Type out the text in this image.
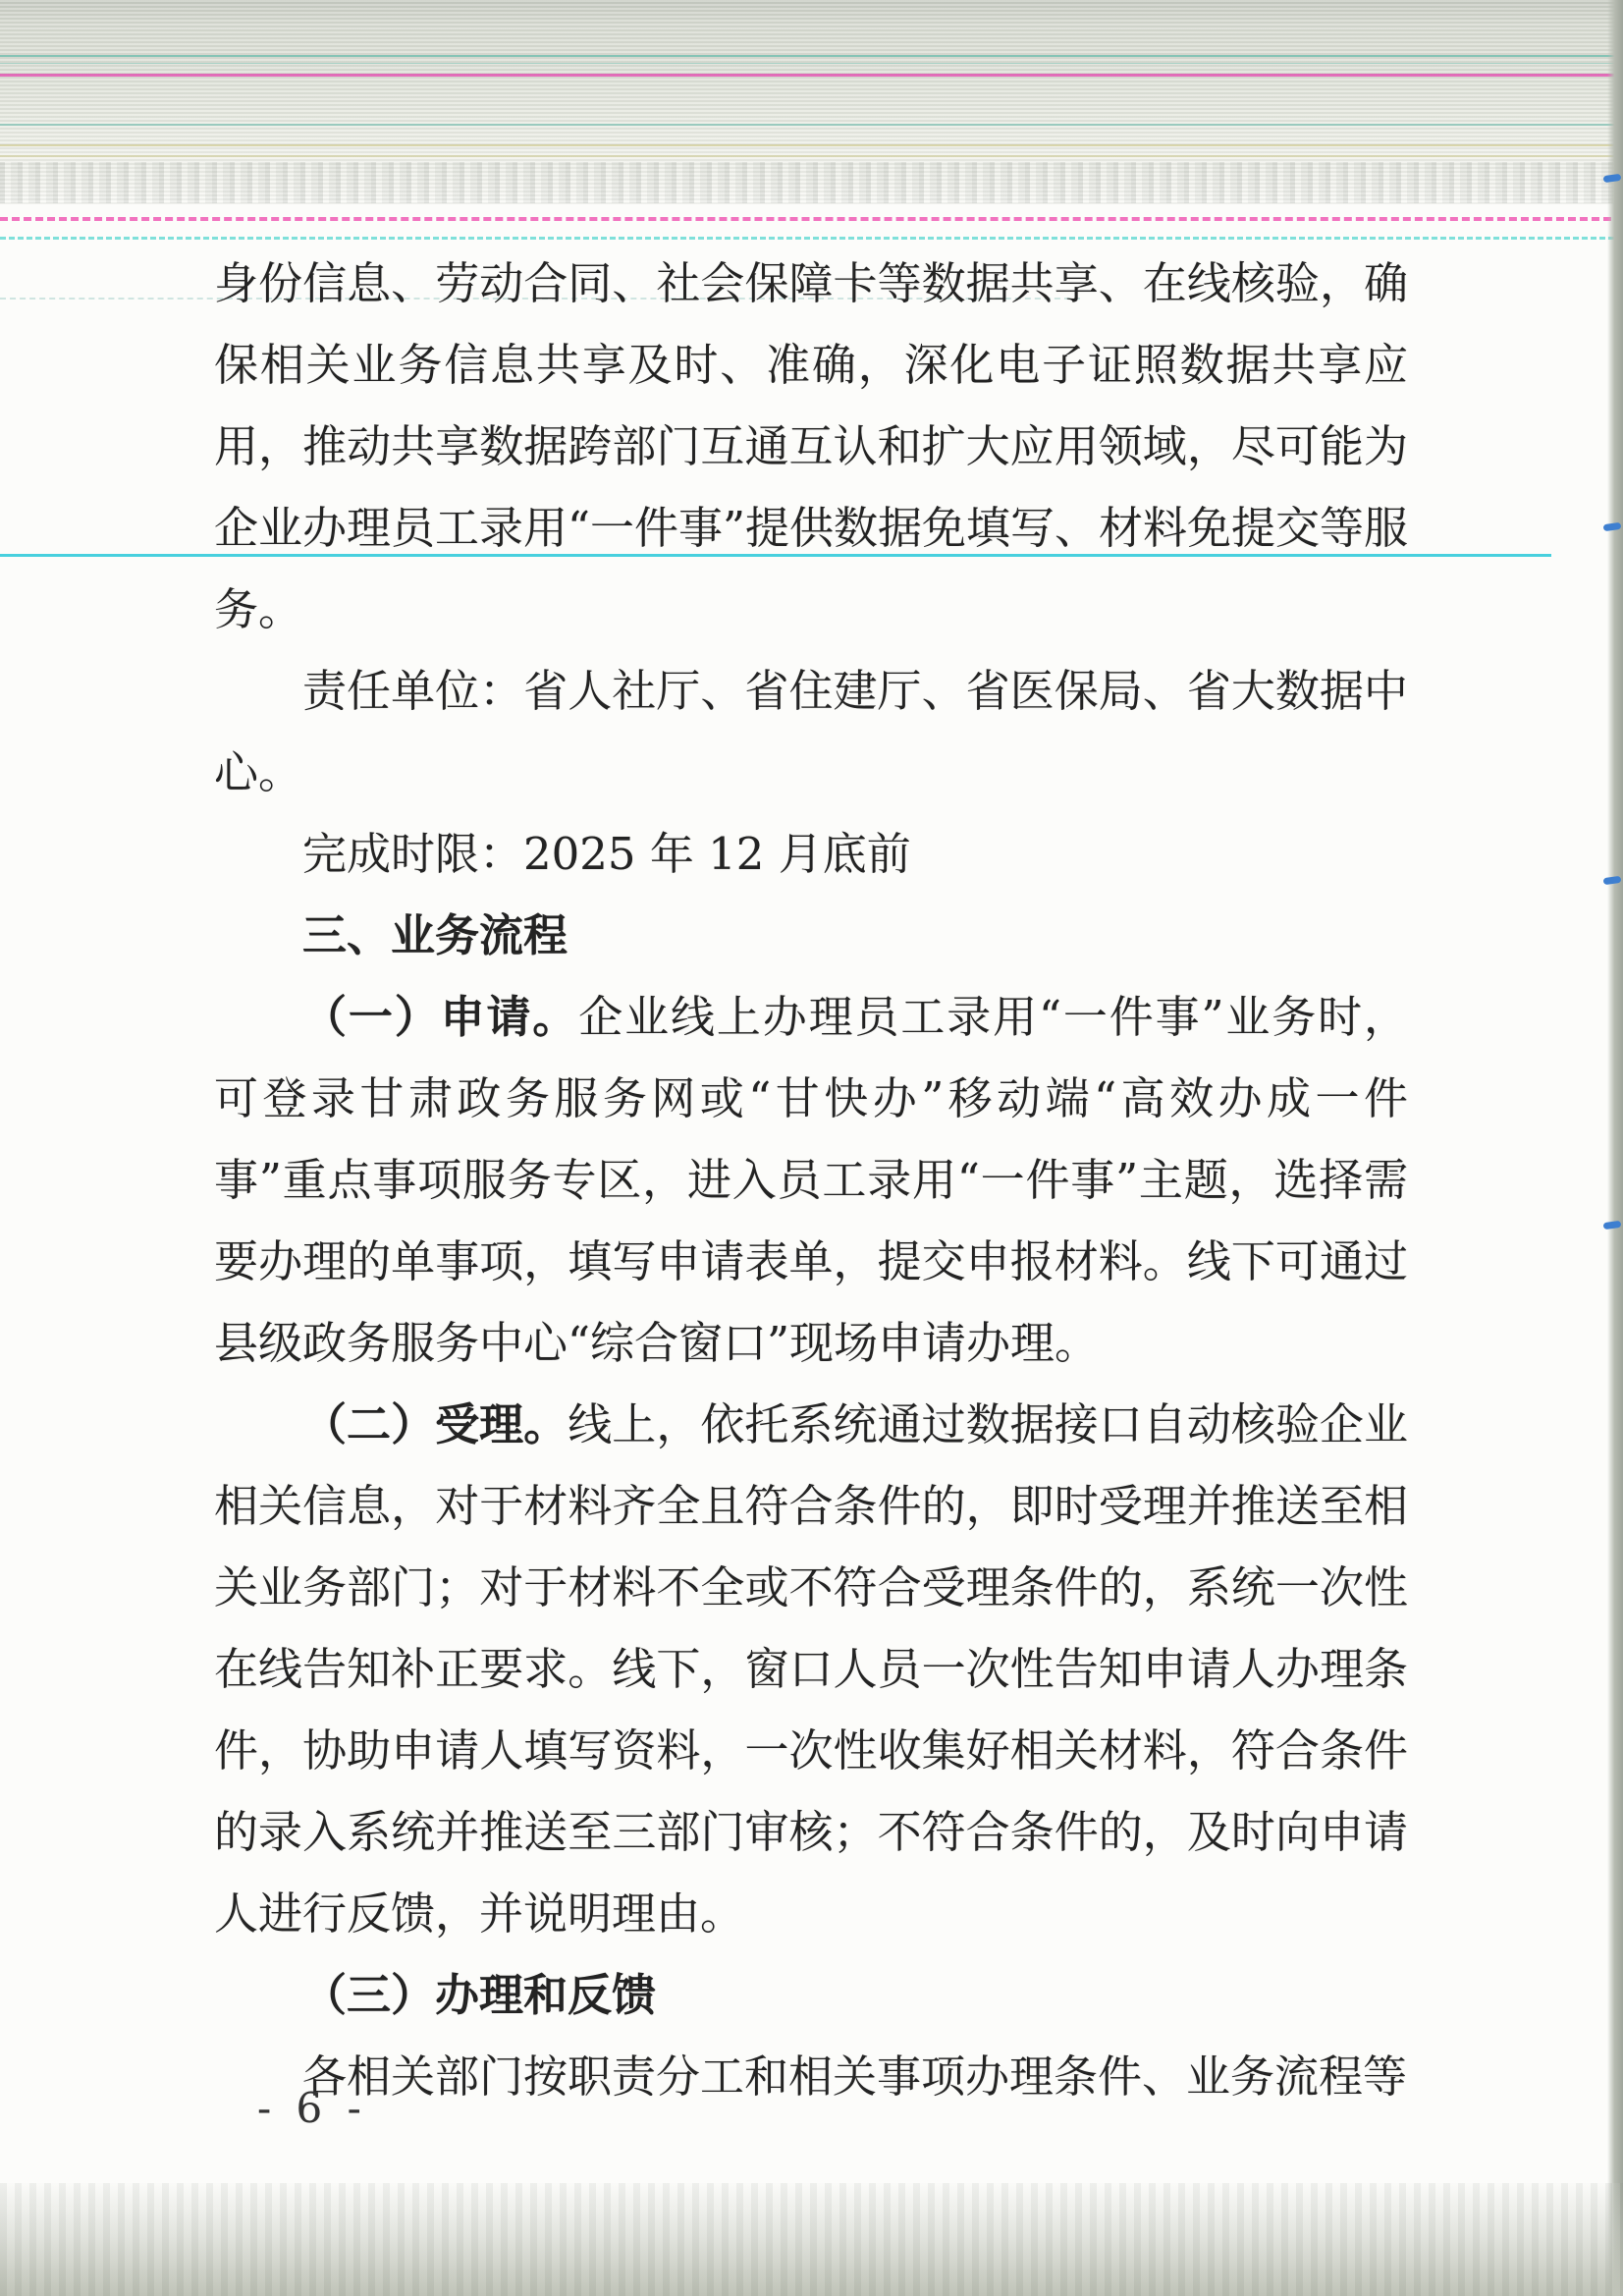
身份信息、劳动合同、社会保障卡等数据共享、在线核验，确保相关业务信息共享及时、准确，深化电子证照数据共享应用，推动共享数据跨部门互通互认和扩大应用领域，尽可能为企业办理员工录用“一件事”提供数据免填写、材料免提交等服务。

责任单位：省人社厅、省住建厅、省医保局、省大数据中心。

完成时限：2025 年 12 月底前

三、业务流程

（一）申请。企业线上办理员工录用“一件事”业务时，可登录甘肃政务服务网或“甘快办”移动端“高效办成一件事”重点事项服务专区，进入员工录用“一件事”主题，选择需要办理的单事项，填写申请表单，提交申报材料。线下可通过县级政务服务中心“综合窗口”现场申请办理。

（二）受理。线上，依托系统通过数据接口自动核验企业相关信息，对于材料齐全且符合条件的，即时受理并推送至相关业务部门；对于材料不全或不符合受理条件的，系统一次性在线告知补正要求。线下，窗口人员一次性告知申请人办理条件，协助申请人填写资料，一次性收集好相关材料，符合条件的录入系统并推送至三部门审核；不符合条件的，及时向申请人进行反馈，并说明理由。

（三）办理和反馈

各相关部门按职责分工和相关事项办理条件、业务流程等

- 6 -
